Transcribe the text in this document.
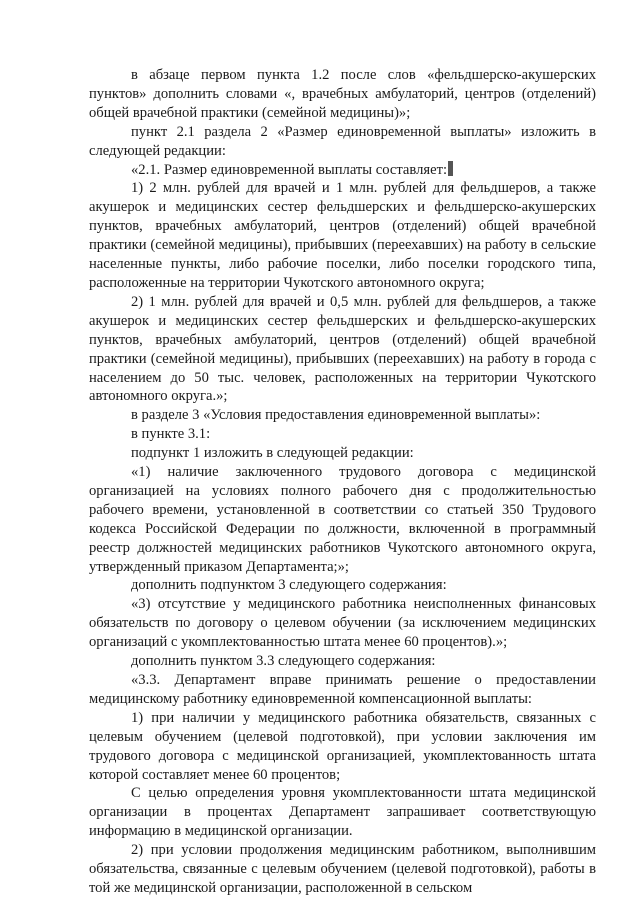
в абзаце первом пункта 1.2 после слов «фельдшерско-акушерских пунктов» дополнить словами «, врачебных амбулаторий, центров (отделений) общей врачебной практики (семейной медицины)»;

пункт 2.1 раздела 2 «Размер единовременной выплаты» изложить в следующей редакции:

«2.1. Размер единовременной выплаты составляет:

1) 2 млн. рублей для врачей и 1 млн. рублей для фельдшеров, а также акушерок и медицинских сестер фельдшерских и фельдшерско-акушерских пунктов, врачебных амбулаторий, центров (отделений) общей врачебной практики (семейной медицины), прибывших (переехавших) на работу в сельские населенные пункты, либо рабочие поселки, либо поселки городского типа, расположенные на территории Чукотского автономного округа;

2) 1 млн. рублей для врачей и 0,5 млн. рублей для фельдшеров, а также акушерок и медицинских сестер фельдшерских и фельдшерско-акушерских пунктов, врачебных амбулаторий, центров (отделений) общей врачебной практики (семейной медицины), прибывших (переехавших) на работу в города с населением до 50 тыс. человек, расположенных на территории Чукотского автономного округа.»;

в разделе 3 «Условия предоставления единовременной выплаты»:

в пункте 3.1:

подпункт 1 изложить в следующей редакции:

«1) наличие заключенного трудового договора с медицинской организацией на условиях полного рабочего дня с продолжительностью рабочего времени, установленной в соответствии со статьей 350 Трудового кодекса Российской Федерации по должности, включенной в программный реестр должностей медицинских работников Чукотского автономного округа, утвержденный приказом Департамента;»;

дополнить подпунктом 3 следующего содержания:

«3) отсутствие у медицинского работника неисполненных финансовых обязательств по договору о целевом обучении (за исключением медицинских организаций с укомплектованностью штата менее 60 процентов).»;

дополнить пунктом 3.3 следующего содержания:

«3.3. Департамент вправе принимать решение о предоставлении медицинскому работнику единовременной компенсационной выплаты:

1) при наличии у медицинского работника обязательств, связанных с целевым обучением (целевой подготовкой), при условии заключения им трудового договора с медицинской организацией, укомплектованность штата которой составляет менее 60 процентов;

С целью определения уровня укомплектованности штата медицинской организации в процентах Департамент запрашивает соответствующую информацию в медицинской организации.

2) при условии продолжения медицинским работником, выполнившим обязательства, связанные с целевым обучением (целевой подготовкой), работы в той же медицинской организации, расположенной в сельском
